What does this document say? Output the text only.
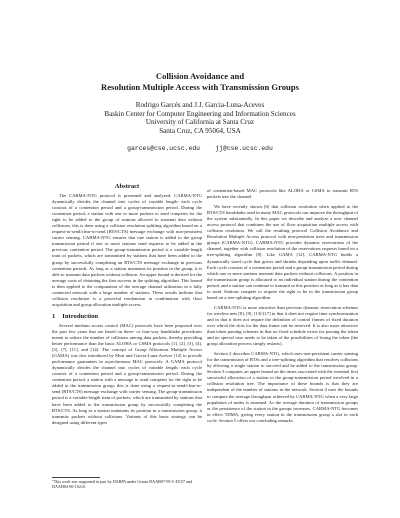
Collision Avoidance and
Resolution Multiple Access with Transmission Groups
Rodrigo Garcés and J.J. Garcia-Luna-Aceves
Baskin Center for Computer Engineering and Information Sciences
University of California at Santa Cruz
Santa Cruz, CA 95064, USA
garces@cse.ucsc.edu    jj@cse.ucsc.edu
Abstract

The CARMA-NTG protocol is presented and analyzed. CARMA-NTG dynamically divides the channel into cycles of variable length; each cycle consists of a contention period and a group-transmission period. During the contention period, a station with one or more packets to send competes for the right to be added to the group of stations allowed to transmit data without collisions; this is done using a collision resolution splitting algorithm based on a request-to-send/clear-to-send (RTS/CTS) message exchange with non-persistent carrier sensing. CARMA-NTG ensures that one station is added to the group transmission period if one or more stations send requests to be added in the previous contention period. The group-transmission period is a variable-length train of packets, which are transmitted by stations that have been added to the group by successfully completing an RTS/CTS message exchange in previous contention periods. As long as a station maintains its position in the group, it is able to transmit data packets without collision. An upper bound is derived for the average costs of obtaining the first success in the splitting algorithm. This bound is then applied to the computation of the average channel utilization in a fully connected network with a large number of stations. These results indicate that collision resolution is a powerful mechanism in combination with floor acquisition and group allocation multiple access.

1 Introduction

Several medium access control (MAC) protocols have been proposed over the past few years that are based on three- or four-way handshake procedures meant to reduce the number of collisions among data packets, thereby providing better performance than the basic ALOHA or CSMA protocols [1], [2], [3], [4], [5], [7], [11], and [14]. The concept of Group Allocation Multiple Access (GAMA) was first introduced by Muir and Garcia-Luna-Aceves [12] to provide performance guarantees in asynchronous MAC protocols. A GAMA protocol dynamically divides the channel into cycles of variable length; each cycle consists of a contention period and a group-transmission period. During the contention period, a station with a message to send competes for the right to be added to the transmission group; this is done using a request-to-send/clear-to-send (RTS/CTS) message exchange with carrier sensing. The group-transmission period is a variable-length train of packets, which are transmitted by stations that have been added to the transmission group by successfully completing the RTS/CTS. As long as a station maintains its position in a transmission group, it transmits packets without collisions. Variants of this basic strategy can be designed using different types

of contention-based MAC protocols like ALOHA or CSMA to transmit RTS packets into the channel.

We have recently shown [6] that collision resolution when applied to the RTS/CTS handshake used in many MAC protocols can improve the throughput of the system substantially. In this paper we describe and analyze a new channel access protocol that combines the use of floor acquisition multiple access with collision resolution. We call the resulting protocol Collision Avoidance and Resolution Multiple Access protocol with non-persistent trees and transmission groups (CARMA-NTG). CARMA-NTG provides dynamic reservations of the channel, together with collision resolution of the reservations requests based on a tree-splitting algorithm [8]. Like GAMA [12], CARMA-NTG builds a dynamically sized cycle that grows and shrinks depending upon traffic demand. Each cycle consists of a contention period and a group-transmission period during which one or more stations transmit data packets without collisions. A position in the transmission group is allocated to an individual station during the contention period, and a station can continue to transmit in this position as long as it has data to send. Stations compete to acquire the right to be in the transmission group based on a tree-splitting algorithm.

CARMA-NTG is more attractive than previous dynamic reservation schemes for wireless nets [8], [9], [13]-[17] in that it does not require time synchronization and in that it does not require the definition of control frames of fixed duration over which the slots for the data frame can be reserved. It is also more attractive than token passing schemes in that no fixed schedule exists for passing the token and no special case needs to be taken of the possibilities of losing the token (the group allocation process simply restarts).

Section 2 describes CARMA-NTG, which uses non-persistent carrier sensing for the transmission of RTSs and a tree-splitting algorithm that resolves collisions by allowing a single station to succeed and be added to the transmission group. Section 3 computes an upper bound on the times associated with the eventual first successful allocation of a station to the group-transmission period involved in a collision resolution tree. The importance of these bounds is that they are independent of the number of stations in the network. Section 4 uses the bounds to compute the average throughput achieved by CARMA-NTG when a very large population of nodes is assumed. As the average duration of transmission groups or the persistence of the station in the groups increases, CARMA-NTG becomes in effect TDMA, giving every station in the transmission group a slot in each cycle. Section 5 offers our concluding remarks.

*This work was supported in part by DARPA under Grants DAAB07-95-C-D157 and DAAH04-96-10210.
